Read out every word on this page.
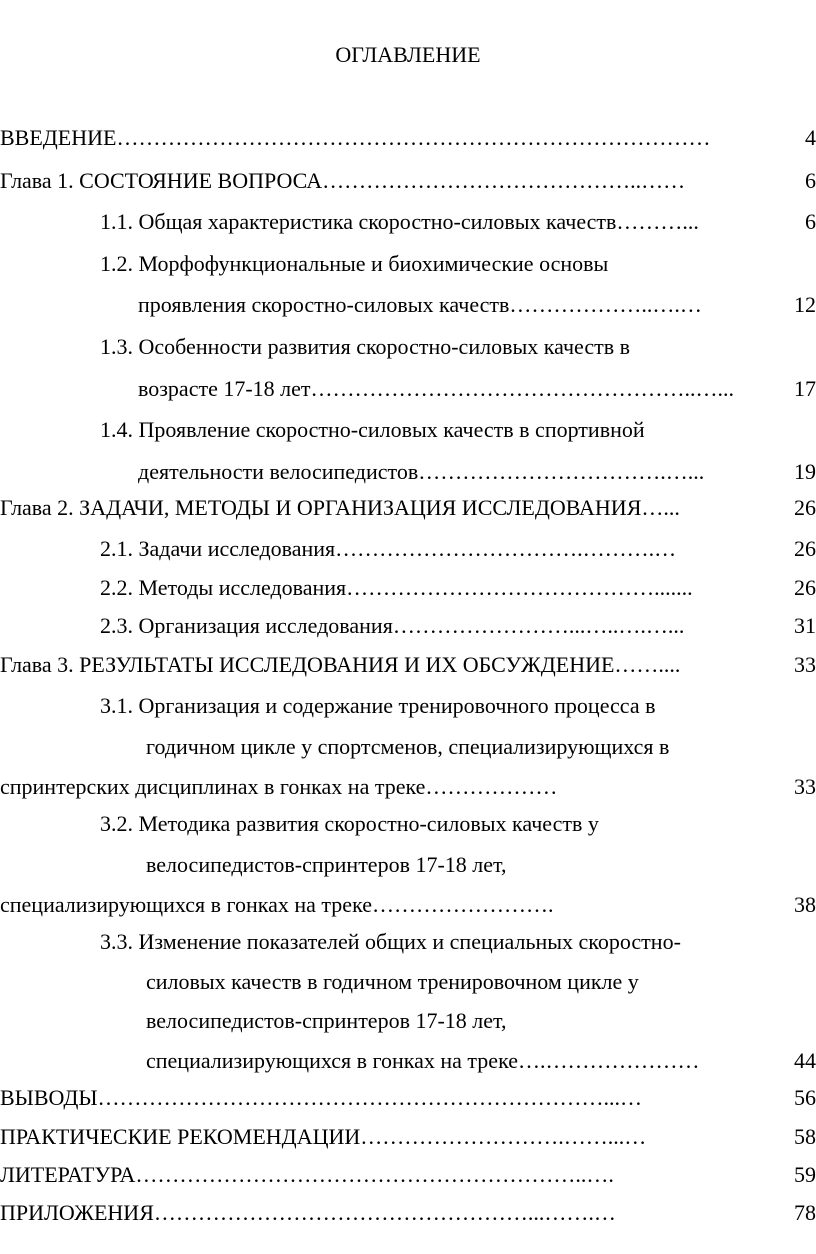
ОГЛАВЛЕНИЕ
ВВЕДЕНИЕ………………………………………………………………………	4
Глава 1. СОСТОЯНИЕ ВОПРОСА……………………………………..……	6
1.1. Общая характеристика скоростно-силовых качеств………...	6
1.2. Морфофункциональные и биохимические основы
проявления скоростно-силовых качеств………………..….…	12
1.3. Особенности развития скоростно-силовых качеств в
возрасте 17-18 лет……………………………………………..…...	17
1.4. Проявление скоростно-силовых качеств в спортивной
деятельности велосипедистов…………………………….…...	19
Глава 2. ЗАДАЧИ, МЕТОДЫ И ОРГАНИЗАЦИЯ ИССЛЕДОВАНИЯ…...	26
2.1. Задачи исследования…………………………….……….…	26
2.2. Методы исследования…………………………………….......	26
2.3. Организация исследования……………………...…..….…...	31
Глава 3. РЕЗУЛЬТАТЫ ИССЛЕДОВАНИЯ И ИХ ОБСУЖДЕНИЕ……....	33
3.1. Организация и содержание тренировочного процесса в
годичном цикле у спортсменов, специализирующихся в
спринтерских дисциплинах в гонках на треке………………	33
3.2. Методика развития скоростно-силовых качеств у
велосипедистов-спринтеров 17-18 лет,
специализирующихся в гонках на треке…………………….	38
3.3. Изменение показателей общих и специальных скоростно-
силовых качеств в годичном тренировочном цикле у
велосипедистов-спринтеров 17-18 лет,
специализирующихся в гонках на треке….…………………	44
ВЫВОДЫ……………………………………………………………...…	56
ПРАКТИЧЕСКИЕ РЕКОМЕНДАЦИИ……………………….……...…	58
ЛИТЕРАТУРА……………………………………………………..….	59
ПРИЛОЖЕНИЯ……………………………………………...…….…	78
